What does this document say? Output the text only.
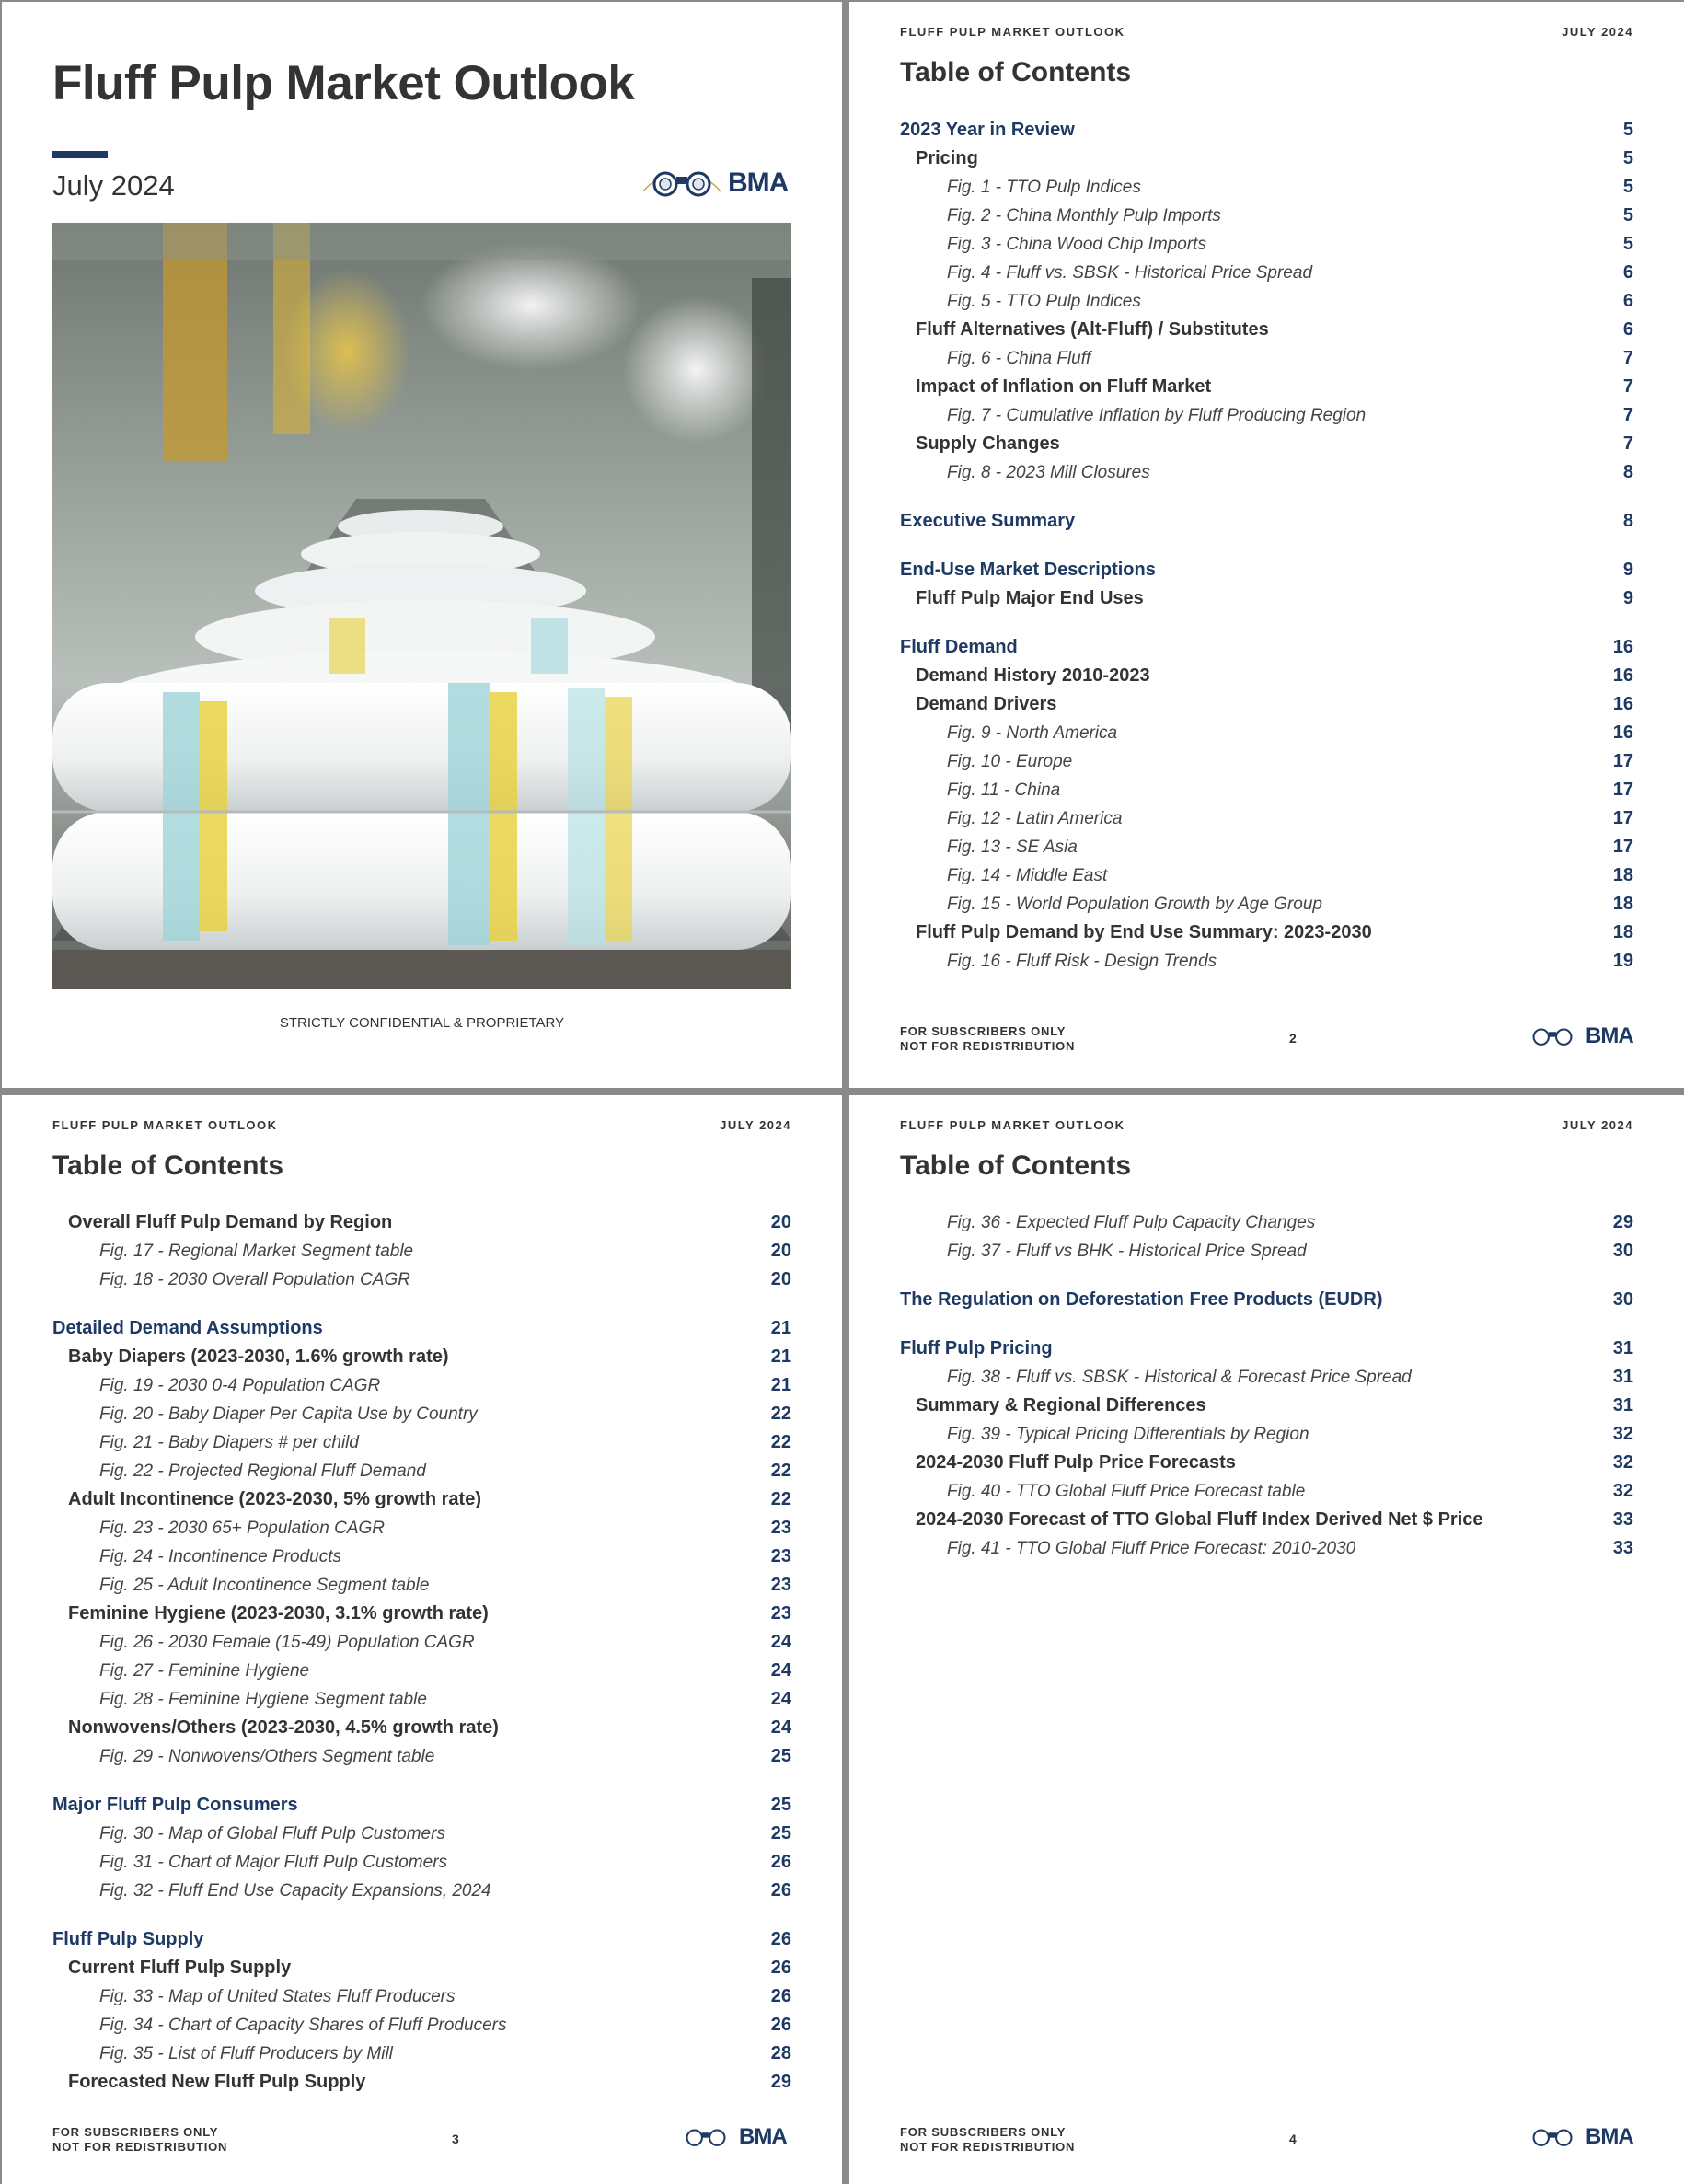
Fluff Pulp Market Outlook
July 2024	BMA
STRICTLY CONFIDENTIAL & PROPRIETARY
FLUFF PULP MARKET OUTLOOK	JULY 2024
Table of Contents
2023 Year in Review	5
Pricing	5
Fig. 1 - TTO Pulp Indices	5
Fig. 2 - China Monthly Pulp Imports	5
Fig. 3 - China Wood Chip Imports	5
Fig. 4 - Fluff vs. SBSK - Historical Price Spread	6
Fig. 5 - TTO Pulp Indices	6
Fluff Alternatives (Alt-Fluff) / Substitutes	6
Fig. 6 - China Fluff	7
Impact of Inflation on Fluff Market	7
Fig. 7 - Cumulative Inflation by Fluff Producing Region	7
Supply Changes	7
Fig. 8 - 2023 Mill Closures	8
Executive Summary	8
End-Use Market Descriptions	9
Fluff Pulp Major End Uses	9
Fluff Demand	16
Demand History 2010-2023	16
Demand Drivers	16
Fig. 9 - North America	16
Fig. 10 - Europe	17
Fig. 11 - China	17
Fig. 12 - Latin America	17
Fig. 13 - SE Asia	17
Fig. 14 - Middle East	18
Fig. 15 - World Population Growth by Age Group	18
Fluff Pulp Demand by End Use Summary: 2023-2030	18
Fig. 16 - Fluff Risk - Design Trends	19
FOR SUBSCRIBERS ONLY
NOT FOR REDISTRIBUTION
2	BMA
FLUFF PULP MARKET OUTLOOK	JULY 2024
Table of Contents
Overall Fluff Pulp Demand by Region	20
Fig. 17 - Regional Market Segment table	20
Fig. 18 - 2030 Overall Population CAGR	20
Detailed Demand Assumptions	21
Baby Diapers (2023-2030, 1.6% growth rate)	21
Fig. 19 - 2030 0-4 Population CAGR	21
Fig. 20 - Baby Diaper Per Capita Use by Country	22
Fig. 21 - Baby Diapers # per child	22
Fig. 22 - Projected Regional Fluff Demand	22
Adult Incontinence (2023-2030, 5% growth rate)	22
Fig. 23 - 2030 65+ Population CAGR	23
Fig. 24 - Incontinence Products	23
Fig. 25 - Adult Incontinence Segment table	23
Feminine Hygiene (2023-2030, 3.1% growth rate)	23
Fig. 26 - 2030 Female (15-49) Population CAGR	24
Fig. 27 - Feminine Hygiene	24
Fig. 28 - Feminine Hygiene Segment table	24
Nonwovens/Others (2023-2030, 4.5% growth rate)	24
Fig. 29 - Nonwovens/Others Segment table	25
Major Fluff Pulp Consumers	25
Fig. 30 - Map of Global Fluff Pulp Customers	25
Fig. 31 - Chart of Major Fluff Pulp Customers	26
Fig. 32 - Fluff End Use Capacity Expansions, 2024	26
Fluff Pulp Supply	26
Current Fluff Pulp Supply	26
Fig. 33 - Map of United States Fluff Producers	26
Fig. 34 - Chart of Capacity Shares of Fluff Producers	26
Fig. 35 - List of Fluff Producers by Mill	28
Forecasted New Fluff Pulp Supply	29
FOR SUBSCRIBERS ONLY
NOT FOR REDISTRIBUTION
3	BMA
FLUFF PULP MARKET OUTLOOK	JULY 2024
Table of Contents
Fig. 36 - Expected Fluff Pulp Capacity Changes	29
Fig. 37 - Fluff vs BHK - Historical Price Spread	30
The Regulation on Deforestation Free Products (EUDR)	30
Fluff Pulp Pricing	31
Fig. 38 - Fluff vs. SBSK - Historical & Forecast Price Spread	31
Summary & Regional Differences	31
Fig. 39 - Typical Pricing Differentials by Region	32
2024-2030 Fluff Pulp Price Forecasts	32
Fig. 40 - TTO Global Fluff Price Forecast table	32
2024-2030 Forecast of TTO Global Fluff Index Derived Net $ Price	33
Fig. 41 - TTO Global Fluff Price Forecast: 2010-2030	33
FOR SUBSCRIBERS ONLY
NOT FOR REDISTRIBUTION
4	BMA
